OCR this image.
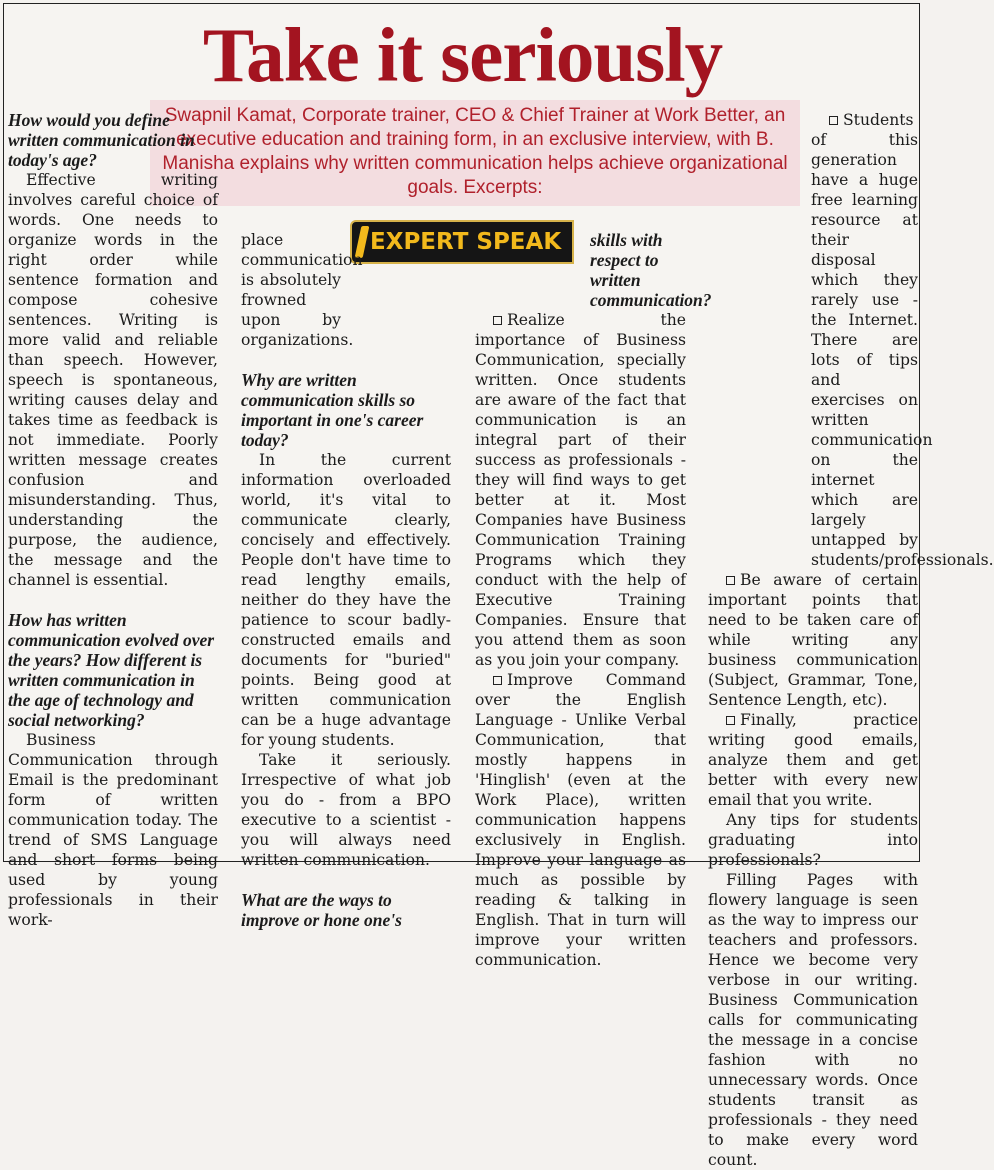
Take it seriously
Swapnil Kamat, Corporate trainer, CEO & Chief Trainer at Work Better, an executive education and training form, in an exclusive interview, with B. Manisha explains why written communication helps achieve organizational goals. Excerpts:
EXPERT SPEAK

How would you define written communication in today's age?

Effective writing involves careful choice of words. One needs to organize words in the right order while sentence formation and compose cohesive sentences. Writing is more valid and reliable than speech. However, speech is spontaneous, writing causes delay and takes time as feedback is not immediate. Poorly written message creates confusion and misunderstanding. Thus, understanding the purpose, the audience, the message and the channel is essential.

How has written communication evolved over the years? How different is written communication in the age of technology and social networking?

Business Communication through Email is the predominant form of written communication today. The trend of SMS Language and short forms being used by young professionals in their work-

place communication is absolutely frowned upon by organizations.

Why are written communication skills so important in one's career today?

In the current information overloaded world, it's vital to communicate clearly, concisely and effectively. People don't have time to read lengthy emails, neither do they have the patience to scour badly-constructed emails and documents for "buried" points. Being good at written communication can be a huge advantage for young students.

Take it seriously. Irrespective of what job you do - from a BPO executive to a scientist - you will always need written communication.

What are the ways to improve or hone one's

skills with respect to written communication?

Realize the importance of Business Communication, specially written. Once students are aware of the fact that communication is an integral part of their success as professionals -they will find ways to get better at it. Most Companies have Business Communication Training Programs which they conduct with the help of Executive Training Companies. Ensure that you attend them as soon as you join your company.

Improve Command over the English Language - Unlike Verbal Communication, that mostly happens in 'Hinglish' (even at the Work Place), written communication happens exclusively in English. Improve your language as much as possible by reading & talking in English. That in turn will improve your written communication.

Students of this generation have a huge free learning resource at their disposal which they rarely use - the Internet. There are lots of tips and exercises on written communication on the internet which are largely untapped by students/professionals.

Be aware of certain important points that need to be taken care of while writing any business communication (Subject, Grammar, Tone, Sentence Length, etc).

Finally, practice writing good emails, analyze them and get better with every new email that you write.

Any tips for students graduating into professionals?

Filling Pages with flowery language is seen as the way to impress our teachers and professors. Hence we become very verbose in our writing. Business Communication calls for communicating the message in a concise fashion with no unnecessary words. Once students transit as professionals - they need to make every word count.
